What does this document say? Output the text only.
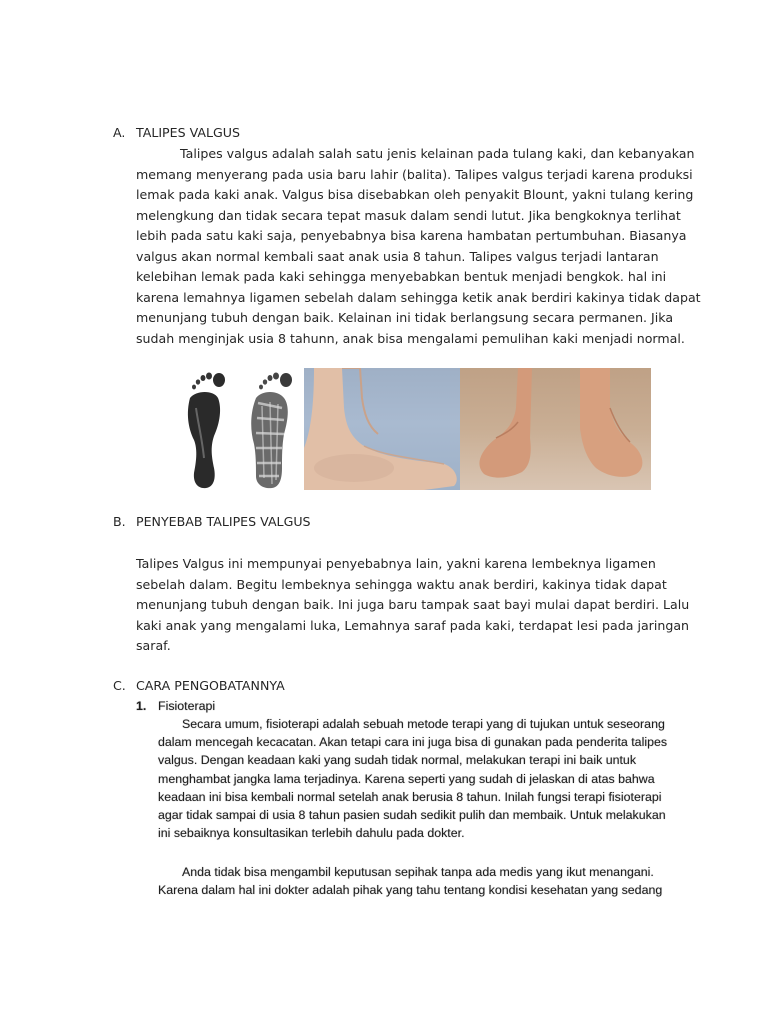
A. TALIPES VALGUS
Talipes valgus adalah salah satu jenis kelainan pada tulang kaki, dan kebanyakan
memang menyerang pada usia baru lahir (balita). Talipes valgus terjadi karena produksi
lemak pada kaki anak. Valgus bisa disebabkan oleh penyakit Blount, yakni tulang kering
melengkung dan tidak secara tepat masuk dalam sendi lutut. Jika bengkoknya terlihat
lebih pada satu kaki saja, penyebabnya bisa karena hambatan pertumbuhan. Biasanya
valgus akan normal kembali saat anak usia 8 tahun. Talipes valgus terjadi lantaran
kelebihan lemak pada kaki sehingga menyebabkan bentuk menjadi bengkok. hal ini
karena lemahnya ligamen sebelah dalam sehingga ketik anak berdiri kakinya tidak dapat
menunjang tubuh dengan baik. Kelainan ini tidak berlangsung secara permanen. Jika
sudah menginjak usia 8 tahunn, anak bisa mengalami pemulihan kaki menjadi normal.
B. PENYEBAB TALIPES VALGUS
Talipes Valgus ini mempunyai penyebabnya lain, yakni karena lembeknya ligamen
sebelah dalam. Begitu lembeknya sehingga waktu anak berdiri, kakinya tidak dapat
menunjang tubuh dengan baik. Ini juga baru tampak saat bayi mulai dapat berdiri. Lalu
kaki anak yang mengalami luka, Lemahnya saraf pada kaki, terdapat lesi pada jaringan
saraf.
C. CARA PENGOBATANNYA
1. Fisioterapi
Secara umum, fisioterapi adalah sebuah metode terapi yang di tujukan untuk seseorang
dalam mencegah kecacatan. Akan tetapi cara ini juga bisa di gunakan pada penderita talipes
valgus. Dengan keadaan kaki yang sudah tidak normal, melakukan terapi ini baik untuk
menghambat jangka lama terjadinya. Karena seperti yang sudah di jelaskan di atas bahwa
keadaan ini bisa kembali normal setelah anak berusia 8 tahun. Inilah fungsi terapi fisioterapi
agar tidak sampai di usia 8 tahun pasien sudah sedikit pulih dan membaik. Untuk melakukan
ini sebaiknya konsultasikan terlebih dahulu pada dokter.
Anda tidak bisa mengambil keputusan sepihak tanpa ada medis yang ikut menangani.
Karena dalam hal ini dokter adalah pihak yang tahu tentang kondisi kesehatan yang sedang
